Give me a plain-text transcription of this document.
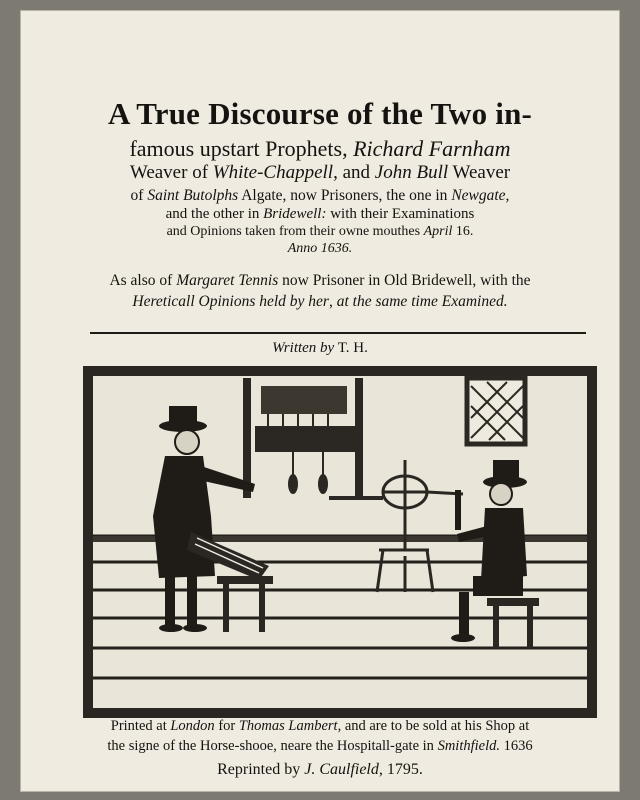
A True Discourse of the Two in-
famous upstart Prophets, Richard Farnham
Weaver of White-Chappell, and John Bull Weaver
of Saint Butolphs Algate, now Prisoners, the one in Newgate,
and the other in Bridewell: with their Examinations
and Opinions taken from their owne mouthes April 16.
Anno 1636.
As also of Margaret Tennis now Prisoner in Old Bridewell, with the
Hereticall Opinions held by her, at the same time Examined.
Written by T. H.
Printed at London for Thomas Lambert, and are to be sold at his Shop at
the signe of the Horse-shooe, neare the Hospitall-gate in Smithfield. 1636
Reprinted by J. Caulfield, 1795.
